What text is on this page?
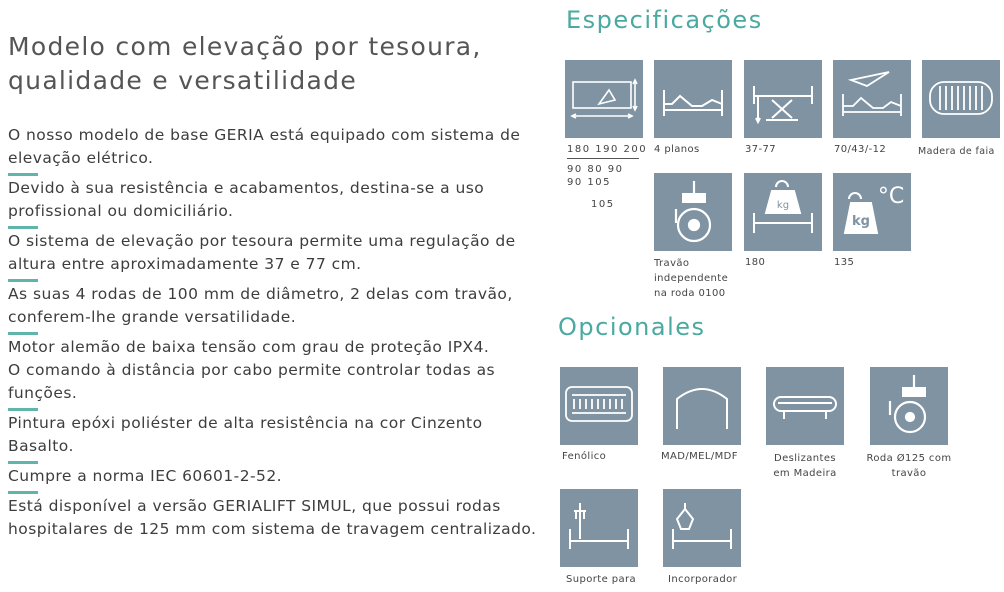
Modelo com elevação por tesoura,
qualidade e versatilidade

O nosso modelo de base GERIA está equipado com sistema de elevação elétrico.

Devido à sua resistência e acabamentos, destina-se a uso profissional ou domiciliário.

O sistema de elevação por tesoura permite uma regulação de altura entre aproximadamente 37 e 77 cm.

As suas 4 rodas de 100 mm de diâmetro, 2 delas com travão, conferem-lhe grande versatilidade.

Motor alemão de baixa tensão com grau de proteção IPX4.
O comando à distância por cabo permite controlar todas as funções.

Pintura epóxi poliéster de alta resistência na cor Cinzento Basalto.

Cumpre a norma IEC 60601-2-52.

Está disponível a versão GERIALIFT SIMUL, que possui rodas hospitalares de 125 mm com sistema de travagem centralizado.

Especificações
180 190 200
90 80 90
90 105
105
4 planos	37-77	70/43/-12	Madera de faia
kg
kg
°C
Travão
independente
na roda 0100
180	135
Opcionales
Fenólico	MAD/MEL/MDF	Deslizantes
em Madeira
Roda Ø125 com
travão
Suporte para	Incorporador
